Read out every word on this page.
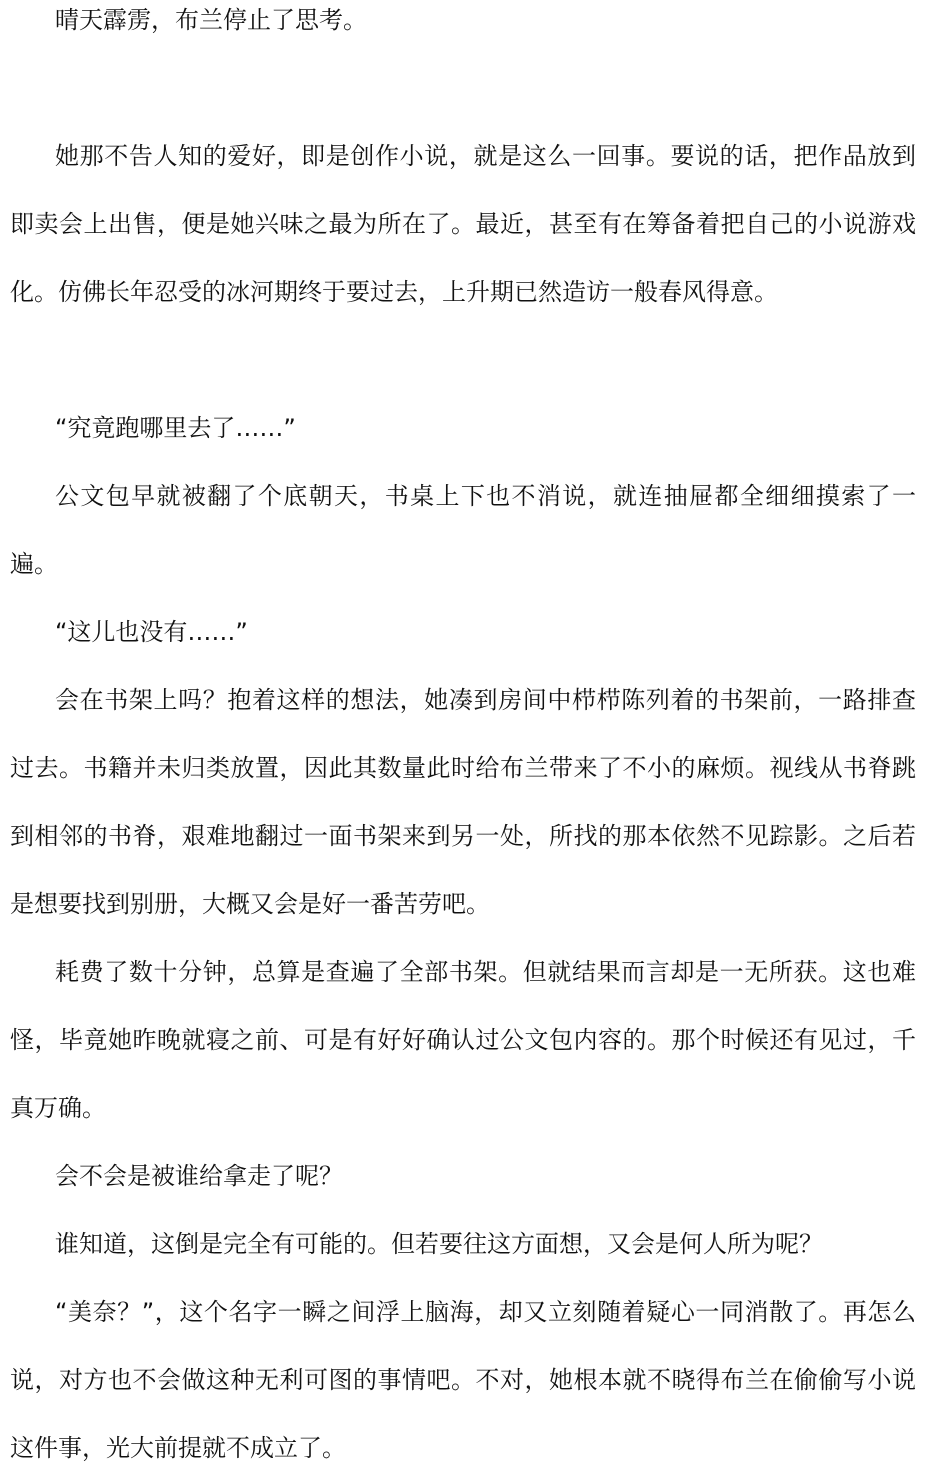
晴天霹雳，布兰停止了思考。

她那不告人知的爱好，即是创作小说，就是这么一回事。要说的话，把作品放到即卖会上出售，便是她兴味之最为所在了。最近，甚至有在筹备着把自己的小说游戏化。仿佛长年忍受的冰河期终于要过去，上升期已然造访一般春风得意。

“究竟跑哪里去了……”

公文包早就被翻了个底朝天，书桌上下也不消说，就连抽屉都全细细摸索了一遍。

“这儿也没有……”

会在书架上吗？抱着这样的想法，她凑到房间中栉栉陈列着的书架前，一路排查过去。书籍并未归类放置，因此其数量此时给布兰带来了不小的麻烦。视线从书脊跳到相邻的书脊，艰难地翻过一面书架来到另一处，所找的那本依然不见踪影。之后若是想要找到别册，大概又会是好一番苦劳吧。

耗费了数十分钟，总算是查遍了全部书架。但就结果而言却是一无所获。这也难怪，毕竟她昨晚就寝之前、可是有好好确认过公文包内容的。那个时候还有见过，千真万确。

会不会是被谁给拿走了呢？

谁知道，这倒是完全有可能的。但若要往这方面想，又会是何人所为呢？

“美奈？”，这个名字一瞬之间浮上脑海，却又立刻随着疑心一同消散了。再怎么说，对方也不会做这种无利可图的事情吧。不对，她根本就不晓得布兰在偷偷写小说这件事，光大前提就不成立了。
